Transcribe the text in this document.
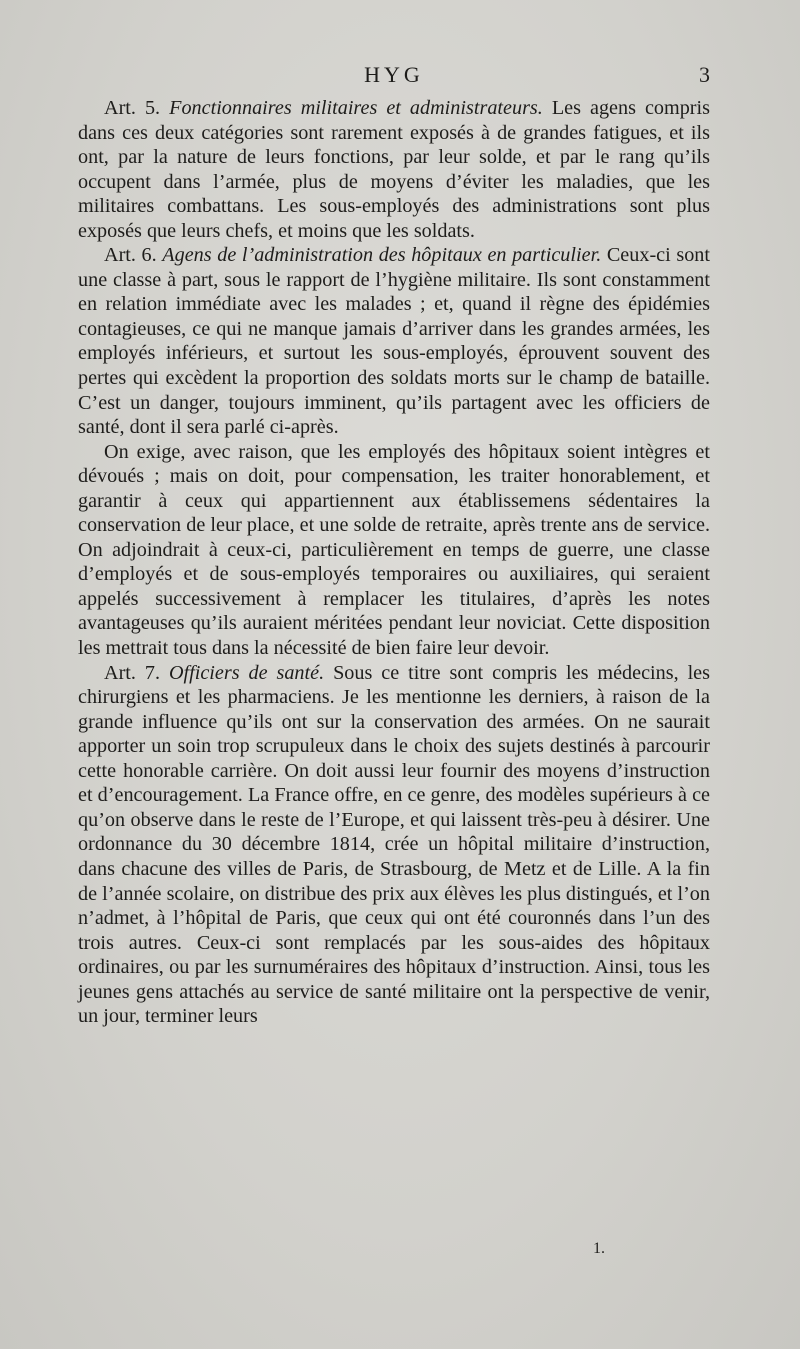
HYG	3

Art. 5. Fonctionnaires militaires et administrateurs. Les agens compris dans ces deux catégories sont rarement exposés à de grandes fatigues, et ils ont, par la nature de leurs fonctions, par leur solde, et par le rang qu’ils occupent dans l’armée, plus de moyens d’éviter les maladies, que les militaires combattans. Les sous-employés des administrations sont plus exposés que leurs chefs, et moins que les soldats.

Art. 6. Agens de l’administration des hôpitaux en particulier. Ceux-ci sont une classe à part, sous le rapport de l’hygiène militaire. Ils sont constamment en relation immédiate avec les malades ; et, quand il règne des épidémies contagieuses, ce qui ne manque jamais d’arriver dans les grandes armées, les employés inférieurs, et surtout les sous-employés, éprouvent souvent des pertes qui excèdent la proportion des soldats morts sur le champ de bataille. C’est un danger, toujours imminent, qu’ils partagent avec les officiers de santé, dont il sera parlé ci-après.

On exige, avec raison, que les employés des hôpitaux soient intègres et dévoués ; mais on doit, pour compensation, les traiter honorablement, et garantir à ceux qui appartiennent aux établissemens sédentaires la conservation de leur place, et une solde de retraite, après trente ans de service. On adjoindrait à ceux-ci, particulièrement en temps de guerre, une classe d’employés et de sous-employés temporaires ou auxiliaires, qui seraient appelés successivement à remplacer les titulaires, d’après les notes avantageuses qu’ils auraient méritées pendant leur noviciat. Cette disposition les mettrait tous dans la nécessité de bien faire leur devoir.

Art. 7. Officiers de santé. Sous ce titre sont compris les médecins, les chirurgiens et les pharmaciens. Je les mentionne les derniers, à raison de la grande influence qu’ils ont sur la conservation des armées. On ne saurait apporter un soin trop scrupuleux dans le choix des sujets destinés à parcourir cette honorable carrière. On doit aussi leur fournir des moyens d’instruction et d’encouragement. La France offre, en ce genre, des modèles supérieurs à ce qu’on observe dans le reste de l’Europe, et qui laissent très-peu à désirer. Une ordonnance du 30 décembre 1814, crée un hôpital militaire d’instruction, dans chacune des villes de Paris, de Strasbourg, de Metz et de Lille. A la fin de l’année scolaire, on distribue des prix aux élèves les plus distingués, et l’on n’admet, à l’hôpital de Paris, que ceux qui ont été couronnés dans l’un des trois autres. Ceux-ci sont remplacés par les sous-aides des hôpitaux ordinaires, ou par les surnuméraires des hôpitaux d’instruction. Ainsi, tous les jeunes gens attachés au service de santé militaire ont la perspective de venir, un jour, terminer leurs

1.
